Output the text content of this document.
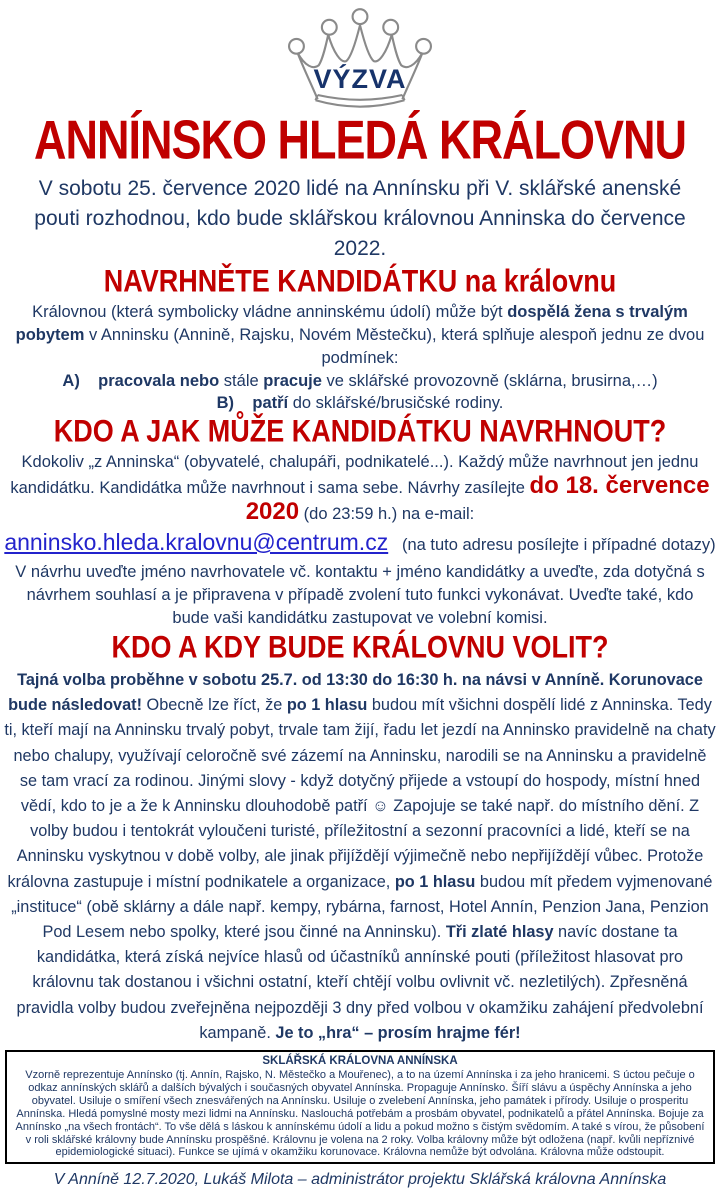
VÝZVA
ANNÍNSKO HLEDÁ KRÁLOVNU
V sobotu 25. července 2020 lidé na Annínsku při V. sklářské anenské pouti rozhodnou, kdo bude sklářskou královnou Anninska do července 2022.
NAVRHNĚTE KANDIDÁTKU na královnu
Královnou (která symbolicky vládne anninskému údolí) může být dospělá žena s trvalým pobytem v Anninsku (Annině, Rajsku, Novém Městečku), která splňuje alespoň jednu ze dvou podmínek:
A)    pracovala nebo stále pracuje ve sklářské provozovně (sklárna, brusirna,…)
B)    patří do sklářské/brusičské rodiny.
KDO A JAK MŮŽE KANDIDÁTKU NAVRHNOUT?
Kdokoliv „z Anninska“ (obyvatelé, chalupáři, podnikatelé...). Každý může navrhnout jen jednu kandidátku. Kandidátka může navrhnout i sama sebe. Návrhy zasílejte do 18. července 2020 (do 23:59 h.) na e-mail:
anninsko.hleda.kralovnu@centrum.cz (na tuto adresu posílejte i případné dotazy)
V návrhu uveďte jméno navrhovatele vč. kontaktu + jméno kandidátky a uveďte, zda dotyčná s návrhem souhlasí a je připravena v případě zvolení tuto funkci vykonávat. Uveďte také, kdo bude vaši kandidátku zastupovat ve volební komisi.
KDO A KDY BUDE KRÁLOVNU VOLIT?
Tajná volba proběhne v sobotu 25.7. od 13:30 do 16:30 h. na návsi v Anníně. Korunovace bude následovat! Obecně lze říct, že po 1 hlasu budou mít všichni dospělí lidé z Anninska. Tedy ti, kteří mají na Anninsku trvalý pobyt, trvale tam žijí, řadu let jezdí na Anninsko pravidelně na chaty nebo chalupy, využívají celoročně své zázemí na Anninsku, narodili se na Anninsku a pravidelně se tam vrací za rodinou. Jinými slovy - když dotyčný přijede a vstoupí do hospody, místní hned vědí, kdo to je a že k Anninsku dlouhodobě patří ☺ Zapojuje se také např. do místního dění. Z volby budou i tentokrát vyloučeni turisté, příležitostní a sezonní pracovníci a lidé, kteří se na Anninsku vyskytnou v době volby, ale jinak přijíždějí výjimečně nebo nepřijíždějí vůbec. Protože královna zastupuje i místní podnikatele a organizace, po 1 hlasu budou mít předem vyjmenované „instituce“ (obě sklárny a dále např. kempy, rybárna, farnost, Hotel Annín, Penzion Jana, Penzion Pod Lesem nebo spolky, které jsou činné na Anninsku). Tři zlaté hlasy navíc dostane ta kandidátka, která získá nejvíce hlasů od účastníků annínské pouti (příležitost hlasovat pro královnu tak dostanou i všichni ostatní, kteří chtějí volbu ovlivnit vč. nezletilých). Zpřesněná pravidla volby budou zveřejněna nejpozději 3 dny před volbou v okamžiku zahájení předvolební kampaně. Je to „hra“ – prosím hrajme fér!
SKLÁŘSKÁ KRÁLOVNA ANNÍNSKA
Vzorně reprezentuje Annínsko (tj. Annín, Rajsko, N. Městečko a Mouřenec), a to na území Annínska i za jeho hranicemi. S úctou pečuje o odkaz annínských sklářů a dalších bývalých i současných obyvatel Annínska. Propaguje Annínsko. Šíří slávu a úspěchy Annínska a jeho obyvatel. Usiluje o smíření všech znesvářených na Annínsku. Usiluje o zvelebení Annínska, jeho památek i přírody. Usiluje o prosperitu Annínska. Hledá pomyslné mosty mezi lidmi na Annínsku. Naslouchá potřebám a prosbám obyvatel, podnikatelů a přátel Annínska. Bojuje za Annínsko „na všech frontách“. To vše dělá s láskou k annínskému údolí a lidu a pokud možno s čistým svědomím. A také s vírou, že působení v roli sklářské královny bude Annínsku prospěšné. Královnu je volena na 2 roky. Volba královny může být odložena (např. kvůli nepříznivé epidemiologické situaci). Funkce se ujímá v okamžiku korunovace. Královna nemůže být odvolána. Královna může odstoupit.
V Anníně 12.7.2020, Lukáš Milota – administrátor projektu Sklářská královna Annínska
